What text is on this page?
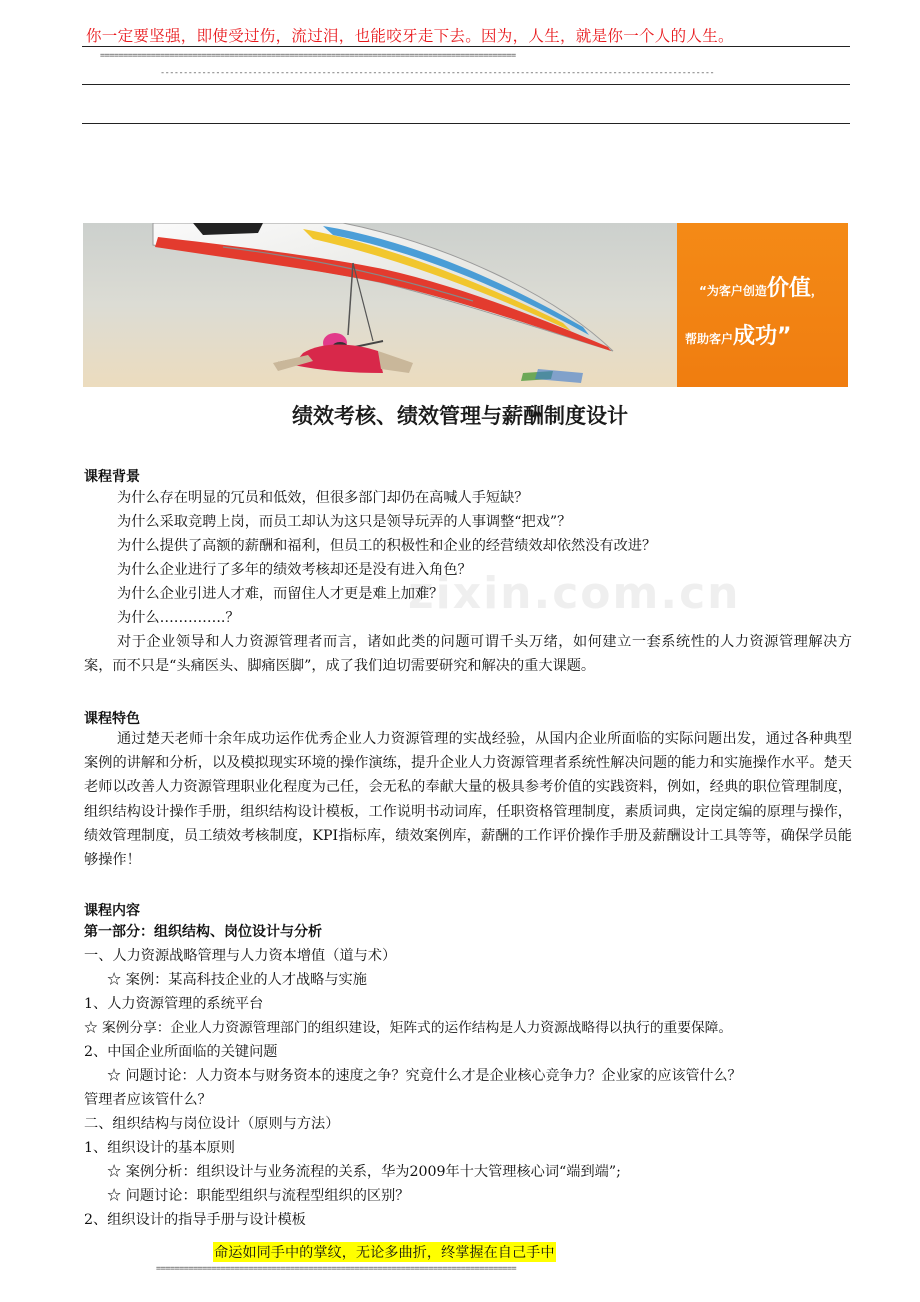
你一定要坚强，即使受过伤，流过泪，也能咬牙走下去。因为，人生，就是你一个人的人生。
==========================================================================================
------------------------------------------------------------------------------------------------------------------------
“为客户创造价值，
帮助客户成功”
绩效考核、绩效管理与薪酬制度设计
zixin.com.cn
课程背景
为什么存在明显的冗员和低效，但很多部门却仍在高喊人手短缺？
为什么采取竞聘上岗，而员工却认为这只是领导玩弄的人事调整“把戏”？
为什么提供了高额的薪酬和福利，但员工的积极性和企业的经营绩效却依然没有改进？
为什么企业进行了多年的绩效考核却还是没有进入角色？
为什么企业引进人才难，而留住人才更是难上加难？
为什么…………..？
对于企业领导和人力资源管理者而言，诸如此类的问题可谓千头万绪，如何建立一套系统性的人力资源管理解决方案，而不只是“头痛医头、脚痛医脚”，成了我们迫切需要研究和解决的重大课题。
课程特色
通过楚天老师十余年成功运作优秀企业人力资源管理的实战经验，从国内企业所面临的实际问题出发，通过各种典型案例的讲解和分析，以及模拟现实环境的操作演练，提升企业人力资源管理者系统性解决问题的能力和实施操作水平。楚天老师以改善人力资源管理职业化程度为己任，会无私的奉献大量的极具参考价值的实践资料，例如，经典的职位管理制度，组织结构设计操作手册，组织结构设计模板，工作说明书动词库，任职资格管理制度，素质词典，定岗定编的原理与操作，绩效管理制度，员工绩效考核制度，KPI指标库，绩效案例库，薪酬的工作评价操作手册及薪酬设计工具等等，确保学员能够操作！
课程内容
第一部分：组织结构、岗位设计与分析
一、人力资源战略管理与人力资本增值（道与术）
☆ 案例：某高科技企业的人才战略与实施
1、人力资源管理的系统平台
☆ 案例分享：企业人力资源管理部门的组织建设，矩阵式的运作结构是人力资源战略得以执行的重要保障。
2、中国企业所面临的关键问题
☆ 问题讨论：人力资本与财务资本的速度之争？究竟什么才是企业核心竞争力？企业家的应该管什么？
管理者应该管什么？
二、组织结构与岗位设计（原则与方法）
1、组织设计的基本原则
☆ 案例分析：组织设计与业务流程的关系，华为2009年十大管理核心词“端到端”;
☆ 问题讨论：职能型组织与流程型组织的区别？
2、组织设计的指导手册与设计模板
命运如同手中的掌纹，无论多曲折，终掌握在自己手中
==============================================================================
